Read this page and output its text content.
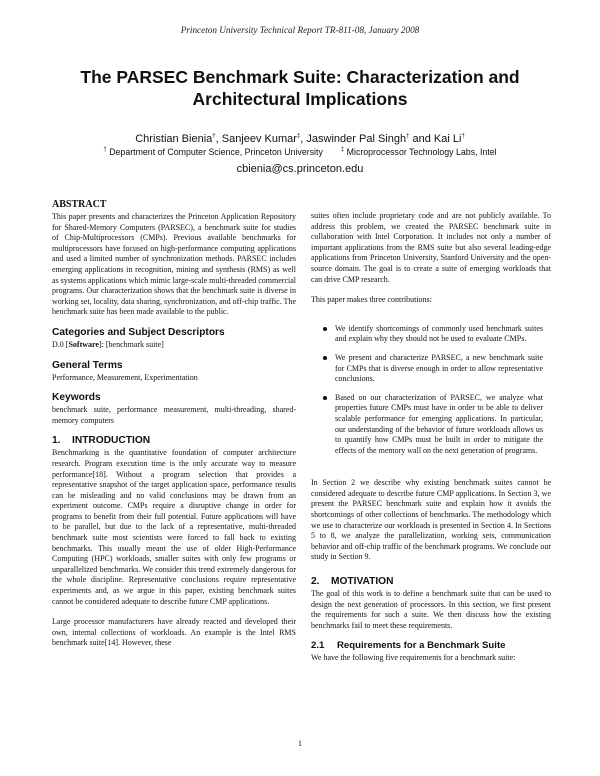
Princeton University Technical Report TR-811-08, January 2008
The PARSEC Benchmark Suite: Characterization and
Architectural Implications
Christian Bienia†, Sanjeev Kumar‡, Jaswinder Pal Singh† and Kai Li†
† Department of Computer Science, Princeton University	‡ Microprocessor Technology Labs, Intel
cbienia@cs.princeton.edu
ABSTRACT

This paper presents and characterizes the Princeton Application Repository for Shared-Memory Computers (PARSEC), a benchmark suite for studies of Chip-Multiprocessors (CMPs). Previous available benchmarks for multiprocessors have focused on high-performance computing applications and used a limited number of synchronization methods. PARSEC includes emerging applications in recognition, mining and synthesis (RMS) as well as systems applications which mimic large-scale multi-threaded commercial programs. Our characterization shows that the benchmark suite is diverse in working set, locality, data sharing, synchronization, and off-chip traffic. The benchmark suite has been made available to the public.

Categories and Subject Descriptors

D.0 [Software]: [benchmark suite]

General Terms

Performance, Measurement, Experimentation

Keywords

benchmark suite, performance measurement, multi-threading, shared-memory computers

1. INTRODUCTION

Benchmarking is the quantitative foundation of computer architecture research. Program execution time is the only accurate way to measure performance[18]. Without a program selection that provides a representative snapshot of the target application space, performance results can be misleading and no valid conclusions may be drawn from an experiment outcome. CMPs require a disruptive change in order for programs to benefit from their full potential. Future applications will have to be parallel, but due to the lack of a representative, multi-threaded benchmark suite most scientists were forced to fall back to existing benchmarks. This usually meant the use of older High-Performance Computing (HPC) workloads, smaller suites with only few programs or unparallelized benchmarks. We consider this trend extremely dangerous for the whole discipline. Representative conclusions require representative experiments and, as we argue in this paper, existing benchmark suites cannot be considered adequate to describe future CMP applications.

Large processor manufacturers have already reacted and developed their own, internal collections of workloads. An example is the Intel RMS benchmark suite[14]. However, these

suites often include proprietary code and are not publicly available. To address this problem, we created the PARSEC benchmark suite in collaboration with Intel Corporation. It includes not only a number of important applications from the RMS suite but also several leading-edge applications from Princeton University, Stanford University and the open-source domain. The goal is to create a suite of emerging workloads that can drive CMP research.

This paper makes three contributions:

We identify shortcomings of commonly used benchmark suites and explain why they should not be used to evaluate CMPs.
We present and characterize PARSEC, a new benchmark suite for CMPs that is diverse enough in order to allow representative conclusions.
Based on our characterization of PARSEC, we analyze what properties future CMPs must have in order to be able to deliver scalable performance for emerging applications. In particular, our understanding of the behavior of future workloads allows us to quantify how CMPs must be built in order to mitigate the effects of the memory wall on the next generation of programs.

In Section 2 we describe why existing benchmark suites cannot be considered adequate to describe future CMP applications. In Section 3, we present the PARSEC benchmark suite and explain how it avoids the shortcomings of other collections of benchmarks. The methodology which we use to characterize our workloads is presented in Section 4. In Sections 5 to 8, we analyze the parallelization, working sets, communication behavior and off-chip traffic of the benchmark programs. We conclude our study in Section 9.

2. MOTIVATION

The goal of this work is to define a benchmark suite that can be used to design the next generation of processors. In this section, we first present the requirements for such a suite. We then discuss how the existing benchmarks fail to meet these requirements.

2.1 Requirements for a Benchmark Suite

We have the following five requirements for a benchmark suite:

1
